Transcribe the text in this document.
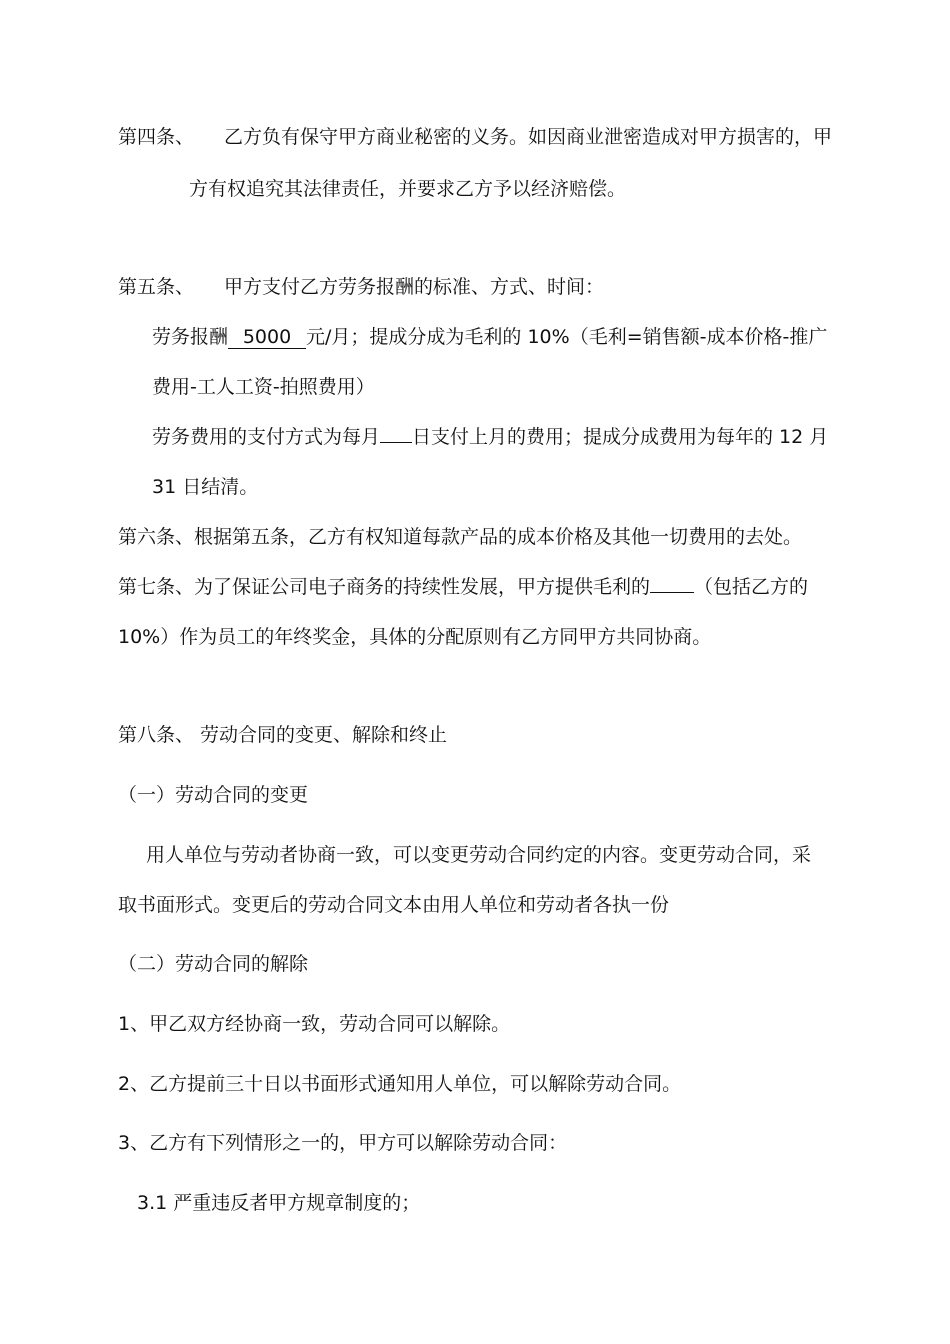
第四条、 乙方负有保守甲方商业秘密的义务。如因商业泄密造成对甲方损害的，甲

方有权追究其法律责任，并要求乙方予以经济赔偿。

第五条、 甲方支付乙方劳务报酬的标准、方式、时间：

劳务报酬 5000 元/月；提成分成为毛利的 10%（毛利=销售额-成本价格-推广

费用-工人工资-拍照费用）

劳务费用的支付方式为每月 日支付上月的费用；提成分成费用为每年的 12 月

31 日结清。

第六条、根据第五条，乙方有权知道每款产品的成本价格及其他一切费用的去处。

第七条、为了保证公司电子商务的持续性发展，甲方提供毛利的 （包括乙方的

10%）作为员工的年终奖金，具体的分配原则有乙方同甲方共同协商。

第八条、 劳动合同的变更、解除和终止

（一）劳动合同的变更

用人单位与劳动者协商一致，可以变更劳动合同约定的内容。变更劳动合同，采

取书面形式。变更后的劳动合同文本由用人单位和劳动者各执一份

（二）劳动合同的解除

1、甲乙双方经协商一致，劳动合同可以解除。

2、乙方提前三十日以书面形式通知用人单位，可以解除劳动合同。

3、乙方有下列情形之一的，甲方可以解除劳动合同：

3.1 严重违反者甲方规章制度的；
